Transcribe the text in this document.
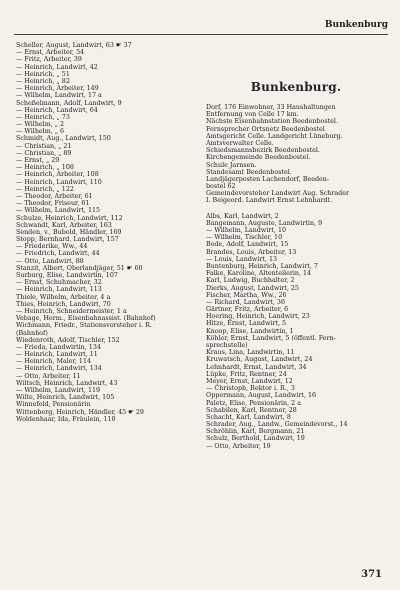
Bunkenburg
Scheller, August, Landwirt, 63 ☛ 37
— Ernst, Arbeiter, 54
— Fritz, Arbeiter, 39
— Heinrich, Landwirt, 42
— Heinrich, „ 51
— Heinrich, „ 82
— Heinrich, Arbeiter, 149
— Wilhelm, Landwirt, 17 a
Scheßelmann, Adolf, Landwirt, 9
— Heinrich, Landwirt, 64
— Heinrich, „ 73
— Wilhelm, „ 2
— Wilhelm, „ 6
Schmidt, Aug., Landwirt, 150
— Christian, „ 21
— Christian, „ 89
— Ernst, „ 29
— Heinrich, „ 108
— Heinrich, Arbeiter, 108
— Heinrich, Landwirt, 110
— Heinrich, „ 122
— Theodor, Arbeiter, 61
— Theodor, Friseur, 61
— Wilhelm, Landwirt, 115
Schulze, Heinrich, Landwirt, 112
Schwandt, Karl, Arbeiter, 163
Senden, v., Bubold, Händler, 169
Stopp, Bernhard, Landwirt, 157
— Friederike, Ww., 44
— Friedrich, Landwirt, 44
— Otto, Landwirt, 88
Stanzit, Albert, Oberlandjäger, 51 ☛ 60
Surburg, Elise, Landwirtin, 107
— Ernst, Schuhmacher, 32
— Heinrich, Landwirt, 113
Thiele, Wilhelm, Arbeiter, 4 a
Thies, Heinrich, Landwirt, 70
— Heinrich, Schneidermeister, 1 a
Vebage, Herm., Eisenbahnassist. (Bahnhof)
Wichmann, Friedr., Stationsvorsteher i. R.
(Bahnhof)
Wiedenroth, Adolf, Tischler, 152
— Frieda, Landwirtin, 134
— Heinrich, Landwirt, 11
— Heinrich, Maler, 114
— Heinrich, Landwirt, 134
— Otto, Arbeiter, 11
Wiltsch, Heinrich, Landwirt, 43
— Wilhelm, Landwirt, 119
Wilte, Heinrich, Landwirt, 105
Winnefeld, Pensionärin
Wittenberg, Heinrich, Händler, 45 ☛ 29
Woldenhaar, Ida, Fräulein, 110
Bunkenburg.
Dorf, 176 Einwohner, 33 Haushaltungen
Entfernung von Celle 17 km.
Nächste Eisenbahnstation Beedenbostel.
Fernsprecher Ortsnetz Beedenbostel
Amtsgericht Celle. Landgericht Lüneburg.
Amtsverwalter Celle.
Schiedsmannsbezirk Beedenbostel.
Kirchengemeinde Beedenbostel.
Schule Jarnsen.
Standesamt Beedenbostel.
Landjägerposten Lachendorf, Beeden-
bostel 62
Gemeindevorsteher Landwirt Aug. Schrader
I. Beigeord. Landwirt Ernst Lehnhardt.
Albs, Karl, Landwirt, 2
Bangemann, Auguste, Landwirtin, 9
— Wilhelm, Landwirt, 10
— Wilhelm, Tischler, 10
Bode, Adolf, Landwirt, 15
Brandes, Louis, Arbeiter, 13
— Louis, Landwirt, 13
Buntenburg, Heinrich, Landwirt, 7
Falke, Karoline, Altenteilerin, 14
Karl, Ludwig, Buchhalter, 2
Dierks, August, Landwirt, 25
Fischer, Martha, Ww., 26
— Richard, Landwirt, 36
Gärtner, Fritz, Arbeiter, 6
Hoering, Heinrich, Landwirt, 23
Hitze, Ernst, Landwirt, 5
Knoop, Elise, Landwirtin, 1
Köhler, Ernst, Landwirt, 5 (öffentl. Fern-
sprechstelle)
Kraus, Lina, Landwirtin, 11
Kruwatsch, August, Landwirt, 24
Lehnhardt, Ernst, Landwirt, 34
Lüpke, Fritz, Rentner, 24
Meyer, Ernst, Landwirt, 12
— Christoph, Rektor i. R., 3
Oppermann, August, Landwirt, 16
Paletz, Elise, Pensionärin, 2 a
Schabilen, Karl, Rentner, 28
Schacht, Karl, Landwirt, 8
Schrader, Aug., Landw., Gemeindevorst., 14
Schröhlin, Karl, Bergmann, 21
Schulz, Berthold, Landwirt, 19
— Otto, Arbeiter, 19
371
